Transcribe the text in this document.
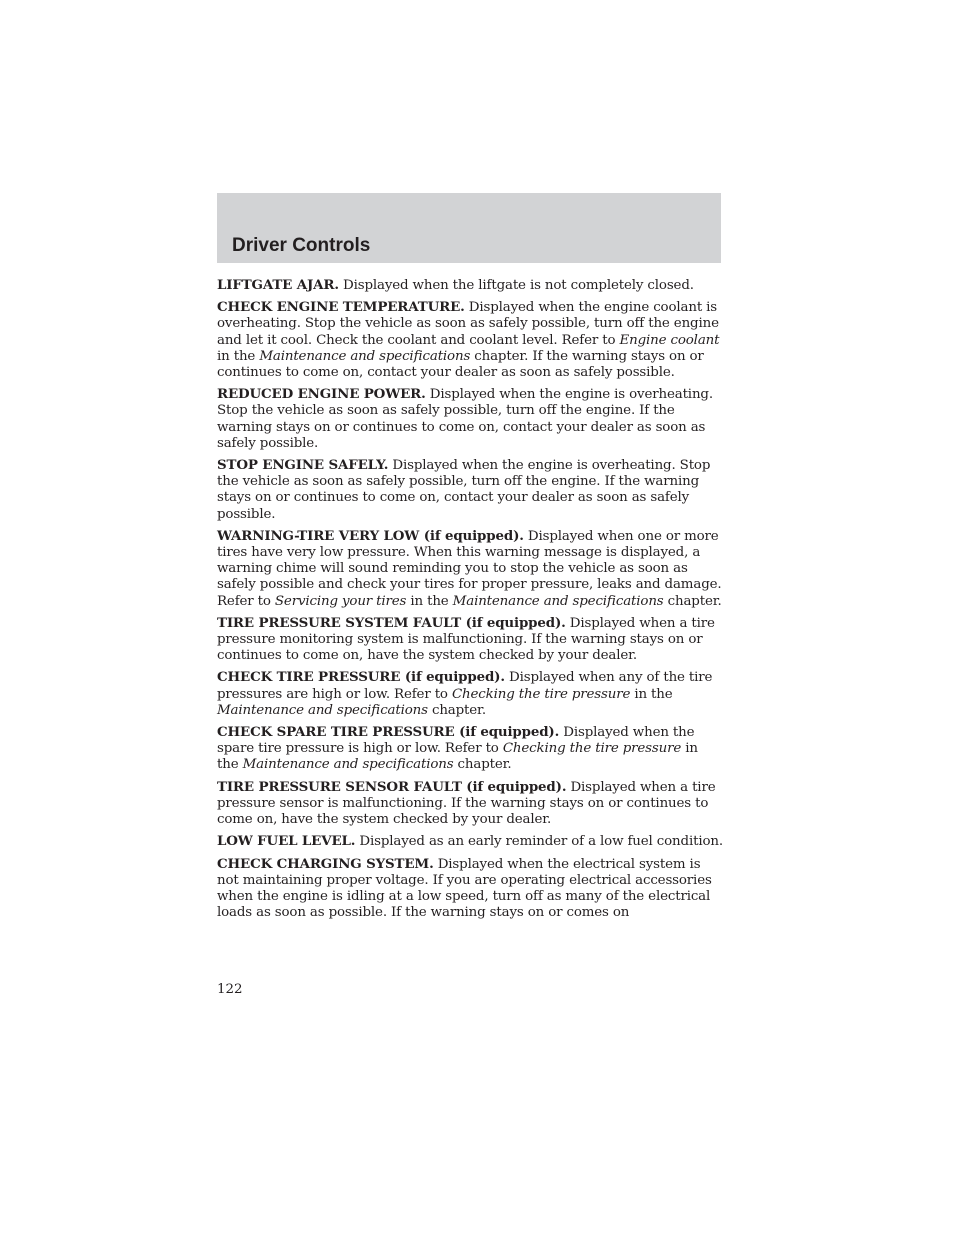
Driver Controls

LIFTGATE AJAR. Displayed when the liftgate is not completely closed.

CHECK ENGINE TEMPERATURE. Displayed when the engine coolant is overheating. Stop the vehicle as soon as safely possible, turn off the engine and let it cool. Check the coolant and coolant level. Refer to Engine coolant in the Maintenance and specifications chapter. If the warning stays on or continues to come on, contact your dealer as soon as safely possible.

REDUCED ENGINE POWER. Displayed when the engine is overheating. Stop the vehicle as soon as safely possible, turn off the engine. If the warning stays on or continues to come on, contact your dealer as soon as safely possible.

STOP ENGINE SAFELY. Displayed when the engine is overheating. Stop the vehicle as soon as safely possible, turn off the engine. If the warning stays on or continues to come on, contact your dealer as soon as safely possible.

WARNING-TIRE VERY LOW (if equipped). Displayed when one or more tires have very low pressure. When this warning message is displayed, a warning chime will sound reminding you to stop the vehicle as soon as safely possible and check your tires for proper pressure, leaks and damage. Refer to Servicing your tires in the Maintenance and specifications chapter.

TIRE PRESSURE SYSTEM FAULT (if equipped). Displayed when a tire pressure monitoring system is malfunctioning. If the warning stays on or continues to come on, have the system checked by your dealer.

CHECK TIRE PRESSURE (if equipped). Displayed when any of the tire pressures are high or low. Refer to Checking the tire pressure in the Maintenance and specifications chapter.

CHECK SPARE TIRE PRESSURE (if equipped). Displayed when the spare tire pressure is high or low. Refer to Checking the tire pressure in the Maintenance and specifications chapter.

TIRE PRESSURE SENSOR FAULT (if equipped). Displayed when a tire pressure sensor is malfunctioning. If the warning stays on or continues to come on, have the system checked by your dealer.

LOW FUEL LEVEL. Displayed as an early reminder of a low fuel condition.

CHECK CHARGING SYSTEM. Displayed when the electrical system is not maintaining proper voltage. If you are operating electrical accessories when the engine is idling at a low speed, turn off as many of the electrical loads as soon as possible. If the warning stays on or comes on

122
